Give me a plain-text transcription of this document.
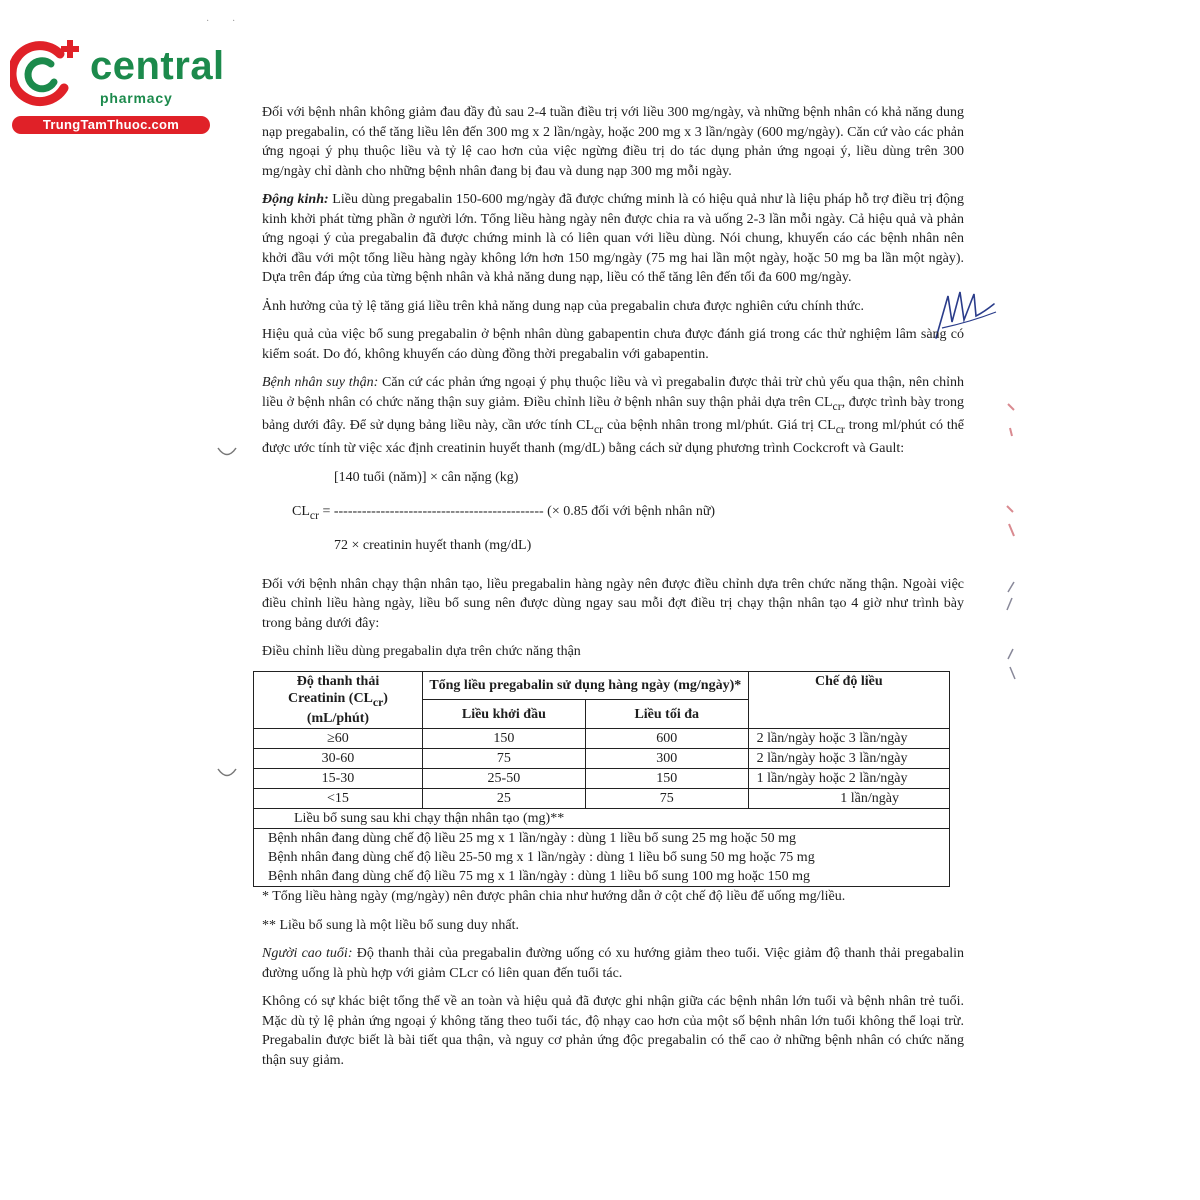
central
pharmacy
TrungTamThuoc.com
· ·

Đối với bệnh nhân không giảm đau đầy đủ sau 2-4 tuần điều trị với liều 300 mg/ngày, và những bệnh nhân có khả năng dung nạp pregabalin, có thể tăng liều lên đến 300 mg x 2 lần/ngày, hoặc 200 mg x 3 lần/ngày (600 mg/ngày). Căn cứ vào các phản ứng ngoại ý phụ thuộc liều và tỷ lệ cao hơn của việc ngừng điều trị do tác dụng phản ứng ngoại ý, liều dùng trên 300 mg/ngày chỉ dành cho những bệnh nhân đang bị đau và dung nạp 300 mg mỗi ngày.

Động kinh: Liều dùng pregabalin 150-600 mg/ngày đã được chứng minh là có hiệu quả như là liệu pháp hỗ trợ điều trị động kinh khởi phát từng phần ở người lớn. Tổng liều hàng ngày nên được chia ra và uống 2-3 lần mỗi ngày. Cả hiệu quả và phản ứng ngoại ý của pregabalin đã được chứng minh là có liên quan với liều dùng. Nói chung, khuyến cáo các bệnh nhân nên khởi đầu với một tổng liều hàng ngày không lớn hơn 150 mg/ngày (75 mg hai lần một ngày, hoặc 50 mg ba lần một ngày). Dựa trên đáp ứng của từng bệnh nhân và khả năng dung nạp, liều có thể tăng lên đến tối đa 600 mg/ngày.

Ảnh hưởng của tỷ lệ tăng giá liều trên khả năng dung nạp của pregabalin chưa được nghiên cứu chính thức.

Hiệu quả của việc bổ sung pregabalin ở bệnh nhân dùng gabapentin chưa được đánh giá trong các thử nghiệm lâm sàng có kiểm soát. Do đó, không khuyến cáo dùng đồng thời pregabalin với gabapentin.

Bệnh nhân suy thận: Căn cứ các phản ứng ngoại ý phụ thuộc liều và vì pregabalin được thải trừ chủ yếu qua thận, nên chỉnh liều ở bệnh nhân có chức năng thận suy giảm. Điều chỉnh liều ở bệnh nhân suy thận phải dựa trên $CL_{cr}$, được trình bày trong bảng dưới đây. Để sử dụng bảng liều này, cần ước tính $CL_{cr}$ của bệnh nhân trong ml/phút. Giá trị $CL_{cr}$ trong ml/phút có thể được ước tính từ việc xác định creatinin huyết thanh (mg/dL) bằng cách sử dụng phương trình Cockcroft và Gault:

[140 tuổi (năm)] × cân nặng (kg)
$CL_{cr}$ = --------------------------------------------- (× 0.85 đối với bệnh nhân nữ)
72 × creatinin huyết thanh (mg/dL)

Đối với bệnh nhân chạy thận nhân tạo, liều pregabalin hàng ngày nên được điều chỉnh dựa trên chức năng thận. Ngoài việc điều chỉnh liều hàng ngày, liều bổ sung nên được dùng ngay sau mỗi đợt điều trị chạy thận nhân tạo 4 giờ như trình bày trong bảng dưới đây:

Điều chỉnh liều dùng pregabalin dựa trên chức năng thận

Độ thanh thải
Creatinin $(CL_{cr})$
(mL/phút)	Tổng liều pregabalin sử dụng hàng ngày (mg/ngày)*		Chế độ liều
	Liều khởi đầu	Liều tối đa	
≥60	150	600	2 lần/ngày hoặc 3 lần/ngày
30-60	75	300	2 lần/ngày hoặc 3 lần/ngày
15-30	25-50	150	1 lần/ngày hoặc 2 lần/ngày
<15	25	75	1 lần/ngày
Liều bổ sung sau khi chạy thận nhân tạo (mg)**			
Bệnh nhân đang dùng chế độ liều 25 mg x 1 lần/ngày : dùng 1 liều bổ sung 25 mg hoặc 50 mg			
Bệnh nhân đang dùng chế độ liều 25-50 mg x 1 lần/ngày : dùng 1 liều bổ sung 50 mg hoặc 75 mg			
Bệnh nhân đang dùng chế độ liều 75 mg x 1 lần/ngày : dùng 1 liều bổ sung 100 mg hoặc 150 mg			

* Tổng liều hàng ngày (mg/ngày) nên được phân chia như hướng dẫn ở cột chế độ liều để uống mg/liều.

** Liều bổ sung là một liều bổ sung duy nhất.

Người cao tuổi: Độ thanh thải của pregabalin đường uống có xu hướng giảm theo tuổi. Việc giảm độ thanh thải pregabalin đường uống là phù hợp với giảm CLcr có liên quan đến tuổi tác.

Không có sự khác biệt tổng thể về an toàn và hiệu quả đã được ghi nhận giữa các bệnh nhân lớn tuổi và bệnh nhân trẻ tuổi. Mặc dù tỷ lệ phản ứng ngoại ý không tăng theo tuổi tác, độ nhạy cao hơn của một số bệnh nhân lớn tuổi không thể loại trừ. Pregabalin được biết là bài tiết qua thận, và nguy cơ phản ứng độc pregabalin có thể cao ở những bệnh nhân có chức năng thận suy giảm.
